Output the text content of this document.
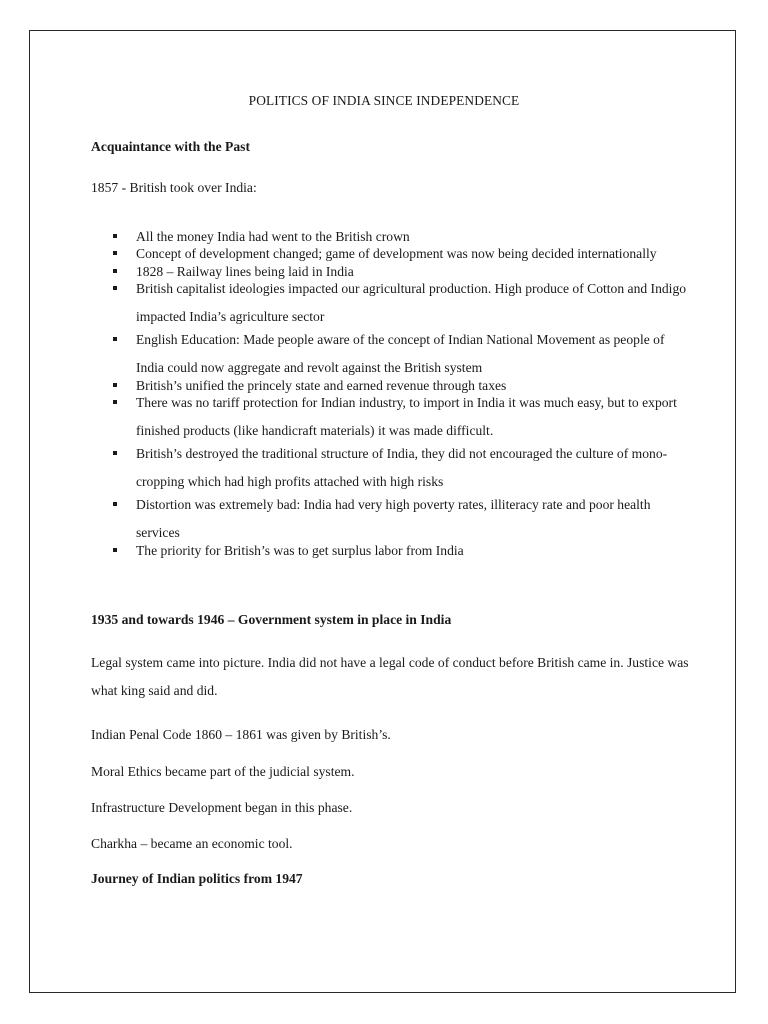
POLITICS OF INDIA SINCE INDEPENDENCE
Acquaintance with the Past
1857 - British took over India:
All the money India had went to the British crown
Concept of development changed; game of development was now being decided internationally
1828 – Railway lines being laid in India
British capitalist ideologies impacted our agricultural production. High produce of Cotton and Indigo impacted India’s agriculture sector
English Education: Made people aware of the concept of Indian National Movement as people of India could now aggregate and revolt against the British system
British’s unified the princely state and earned revenue through taxes
There was no tariff protection for Indian industry, to import in India it was much easy, but to export finished products (like handicraft materials) it was made difficult.
British’s destroyed the traditional structure of India, they did not encouraged the culture of mono-cropping which had high profits attached with high risks
Distortion was extremely bad: India had very high poverty rates, illiteracy rate and poor health services
The priority for British’s was to get surplus labor from India
1935 and towards 1946 – Government system in place in India
Legal system came into picture. India did not have a legal code of conduct before British came in. Justice was what king said and did.
Indian Penal Code 1860 – 1861 was given by British’s.
Moral Ethics became part of the judicial system.
Infrastructure Development began in this phase.
Charkha – became an economic tool.
Journey of Indian politics from 1947
